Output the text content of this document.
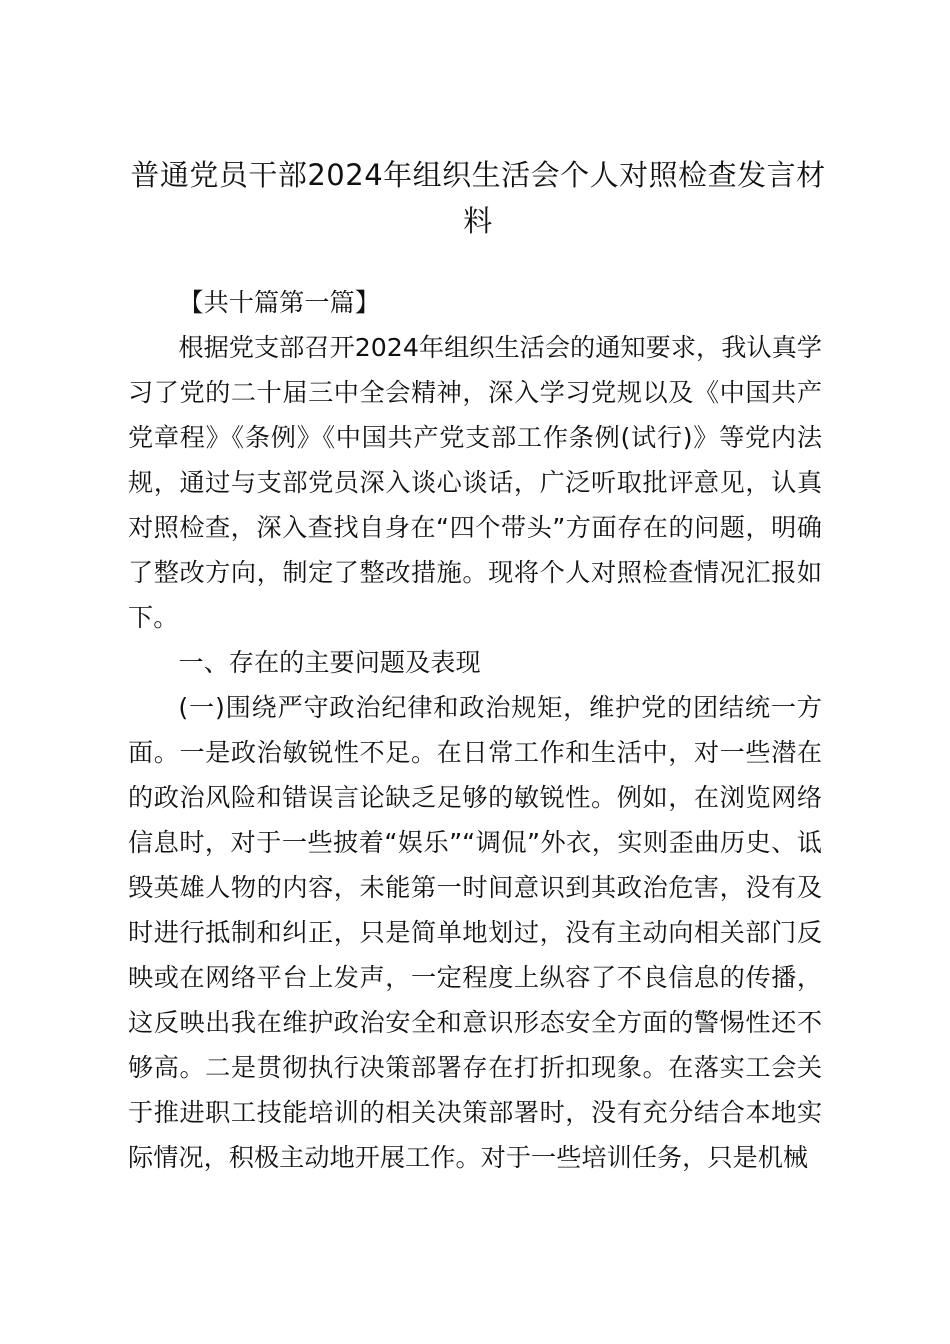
普通党员干部2024年组织生活会个人对照检查发言材料

【共十篇第一篇】

根据党支部召开2024年组织生活会的通知要求，我认真学习了党的二十届三中全会精神，深入学习党规以及《中国共产党章程》《条例》《中国共产党支部工作条例(试行)》等党内法规，通过与支部党员深入谈心谈话，广泛听取批评意见，认真对照检查，深入查找自身在“四个带头”方面存在的问题，明确了整改方向，制定了整改措施。现将个人对照检查情况汇报如下。

一、存在的主要问题及表现

(一)围绕严守政治纪律和政治规矩，维护党的团结统一方面。一是政治敏锐性不足。在日常工作和生活中，对一些潜在的政治风险和错误言论缺乏足够的敏锐性。例如，在浏览网络信息时，对于一些披着“娱乐”“调侃”外衣，实则歪曲历史、诋毁英雄人物的内容，未能第一时间意识到其政治危害，没有及时进行抵制和纠正，只是简单地划过，没有主动向相关部门反映或在网络平台上发声，一定程度上纵容了不良信息的传播，这反映出我在维护政治安全和意识形态安全方面的警惕性还不够高。二是贯彻执行决策部署存在打折扣现象。在落实工会关于推进职工技能培训的相关决策部署时，没有充分结合本地实际情况，积极主动地开展工作。对于一些培训任务，只是机械
